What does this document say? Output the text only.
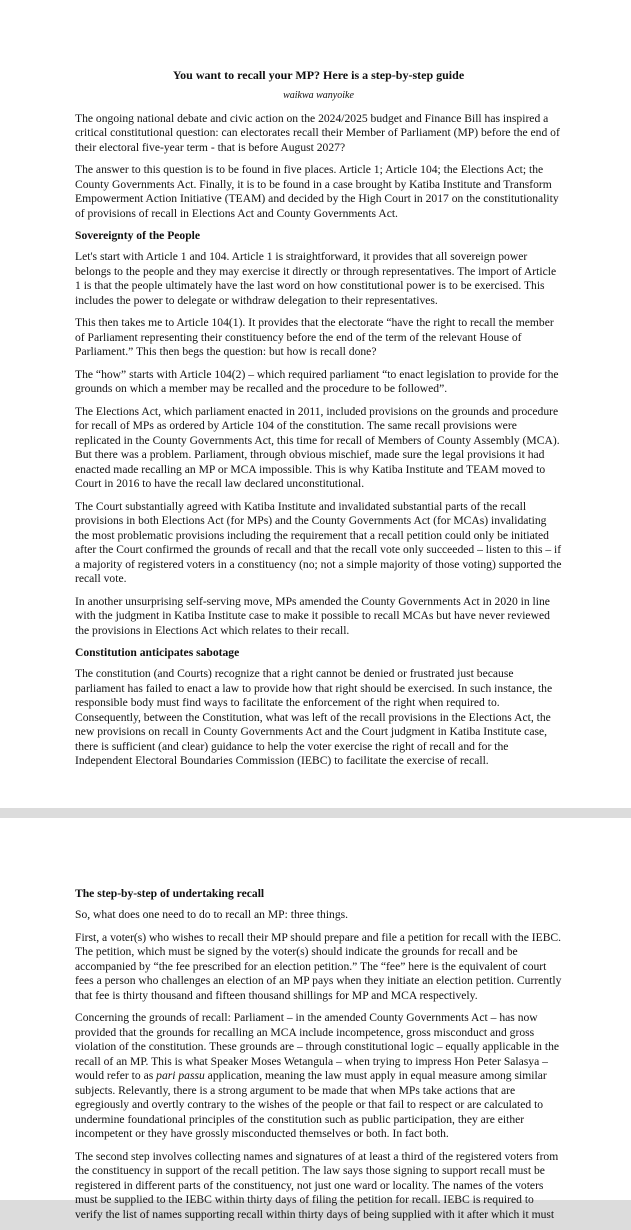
You want to recall your MP? Here is a step-by-step guide
waikwa wanyoike

The ongoing national debate and civic action on the 2024/2025 budget and Finance Bill has inspired a critical constitutional question: can electorates recall their Member of Parliament (MP) before the end of their electoral five-year term - that is before August 2027?

The answer to this question is to be found in five places. Article 1; Article 104; the Elections Act; the County Governments Act. Finally, it is to be found in a case brought by Katiba Institute and Transform Empowerment Action Initiative (TEAM) and decided by the High Court in 2017 on the constitutionality of provisions of recall in Elections Act and County Governments Act.

Sovereignty of the People

Let's start with Article 1 and 104. Article 1 is straightforward, it provides that all sovereign power belongs to the people and they may exercise it directly or through representatives. The import of Article 1 is that the people ultimately have the last word on how constitutional power is to be exercised. This includes the power to delegate or withdraw delegation to their representatives.

This then takes me to Article 104(1). It provides that the electorate “have the right to recall the member of Parliament representing their constituency before the end of the term of the relevant House of Parliament.” This then begs the question: but how is recall done?

The “how” starts with Article 104(2) – which required parliament “to enact legislation to provide for the grounds on which a member may be recalled and the procedure to be followed”.

The Elections Act, which parliament enacted in 2011, included provisions on the grounds and procedure for recall of MPs as ordered by Article 104 of the constitution. The same recall provisions were replicated in the County Governments Act, this time for recall of Members of County Assembly (MCA). But there was a problem. Parliament, through obvious mischief, made sure the legal provisions it had enacted made recalling an MP or MCA impossible. This is why Katiba Institute and TEAM moved to Court in 2016 to have the recall law declared unconstitutional.

The Court substantially agreed with Katiba Institute and invalidated substantial parts of the recall provisions in both Elections Act (for MPs) and the County Governments Act (for MCAs) invalidating the most problematic provisions including the requirement that a recall petition could only be initiated after the Court confirmed the grounds of recall and that the recall vote only succeeded – listen to this – if a majority of registered voters in a constituency (no; not a simple majority of those voting) supported the recall vote.

In another unsurprising self-serving move, MPs amended the County Governments Act in 2020 in line with the judgment in Katiba Institute case to make it possible to recall MCAs but have never reviewed the provisions in Elections Act which relates to their recall.

Constitution anticipates sabotage

The constitution (and Courts) recognize that a right cannot be denied or frustrated just because parliament has failed to enact a law to provide how that right should be exercised. In such instance, the responsible body must find ways to facilitate the enforcement of the right when required to. Consequently, between the Constitution, what was left of the recall provisions in the Elections Act, the new provisions on recall in County Governments Act and the Court judgment in Katiba Institute case, there is sufficient (and clear) guidance to help the voter exercise the right of recall and for the Independent Electoral Boundaries Commission (IEBC) to facilitate the exercise of recall.

The step-by-step of undertaking recall

So, what does one need to do to recall an MP: three things.

First, a voter(s) who wishes to recall their MP should prepare and file a petition for recall with the IEBC. The petition, which must be signed by the voter(s) should indicate the grounds for recall and be accompanied by “the fee prescribed for an election petition.” The “fee” here is the equivalent of court fees a person who challenges an election of an MP pays when they initiate an election petition. Currently that fee is thirty thousand and fifteen thousand shillings for MP and MCA respectively.

Concerning the grounds of recall: Parliament – in the amended County Governments Act – has now provided that the grounds for recalling an MCA include incompetence, gross misconduct and gross violation of the constitution. These grounds are – through constitutional logic – equally applicable in the recall of an MP. This is what Speaker Moses Wetangula – when trying to impress Hon Peter Salasya – would refer to as pari passu application, meaning the law must apply in equal measure among similar subjects. Relevantly, there is a strong argument to be made that when MPs take actions that are egregiously and overtly contrary to the wishes of the people or that fail to respect or are calculated to undermine foundational principles of the constitution such as public participation, they are either incompetent or they have grossly misconducted themselves or both. In fact both.

The second step involves collecting names and signatures of at least a third of the registered voters from the constituency in support of the recall petition. The law says those signing to support recall must be registered in different parts of the constituency, not just one ward or locality. The names of the voters must be supplied to the IEBC within thirty days of filing the petition for recall. IEBC is required to verify the list of names supporting recall within thirty days of being supplied with it after which it must
